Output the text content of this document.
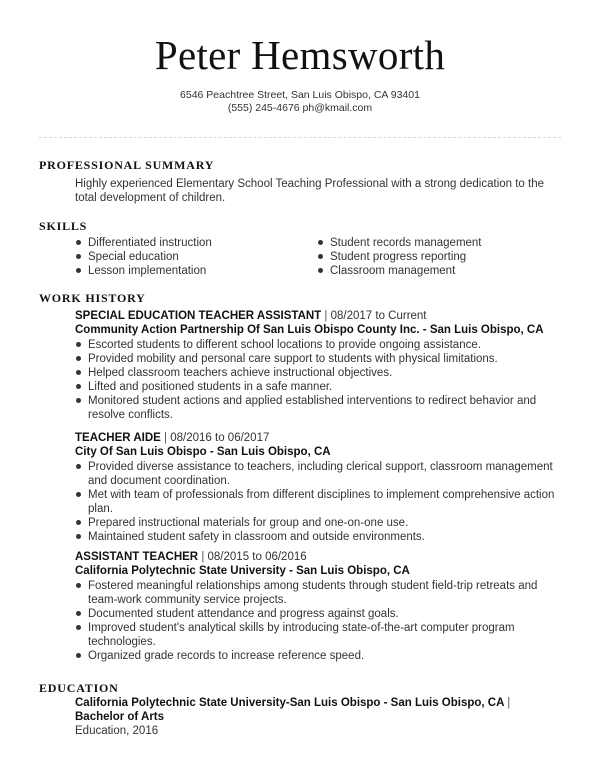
Peter Hemsworth
6546 Peachtree Street, San Luis Obispo, CA 93401
(555) 245-4676 ph@kmail.com
PROFESSIONAL SUMMARY
Highly experienced Elementary School Teaching Professional with a strong dedication to the total development of children.
SKILLS
Differentiated instruction
Special education
Lesson implementation
Student records management
Student progress reporting
Classroom management
WORK HISTORY
SPECIAL EDUCATION TEACHER ASSISTANT | 08/2017 to Current
Community Action Partnership Of San Luis Obispo County Inc. - San Luis Obispo, CA
Escorted students to different school locations to provide ongoing assistance.
Provided mobility and personal care support to students with physical limitations.
Helped classroom teachers achieve instructional objectives.
Lifted and positioned students in a safe manner.
Monitored student actions and applied established interventions to redirect behavior and resolve conflicts.
TEACHER AIDE | 08/2016 to 06/2017
City Of San Luis Obispo - San Luis Obispo, CA
Provided diverse assistance to teachers, including clerical support, classroom management and document coordination.
Met with team of professionals from different disciplines to implement comprehensive action plan.
Prepared instructional materials for group and one-on-one use.
Maintained student safety in classroom and outside environments.
ASSISTANT TEACHER | 08/2015 to 06/2016
California Polytechnic State University - San Luis Obispo, CA
Fostered meaningful relationships among students through student field-trip retreats and team-work community service projects.
Documented student attendance and progress against goals.
Improved student's analytical skills by introducing state-of-the-art computer program technologies.
Organized grade records to increase reference speed.
EDUCATION
California Polytechnic State University-San Luis Obispo - San Luis Obispo, CA | Bachelor of Arts
Education, 2016
